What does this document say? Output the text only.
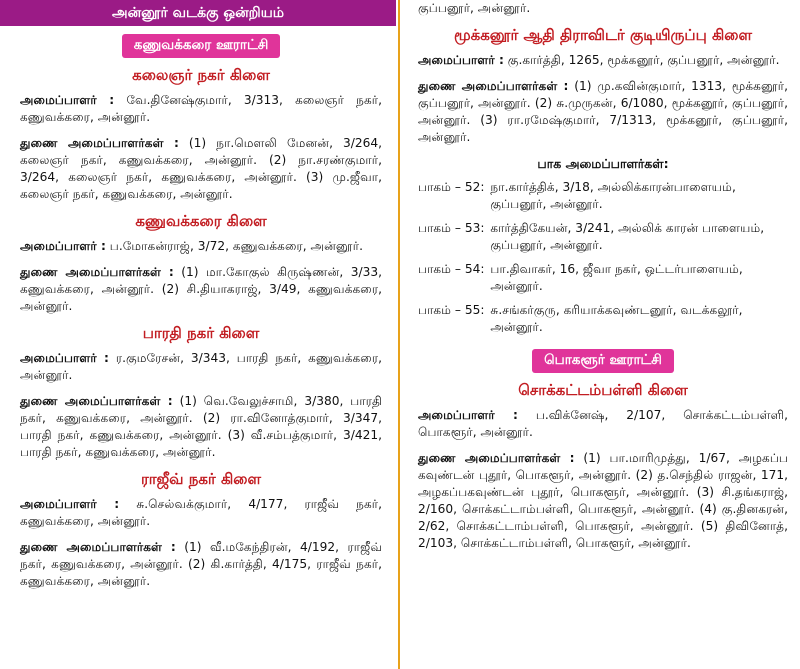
அன்னூர் வடக்கு ஒன்றியம்
கணுவக்கரை ஊராட்சி
கலைஞர் நகர் கிளை

அமைப்பாளர் : வே.தினேஷ்குமார், 3/313, கலைஞர் நகர், கணுவக்கரை, அன்னூர்.

துணை அமைப்பாளர்கள் : (1) நா.மௌலி மேனன், 3/264, கலைஞர் நகர், கணுவக்கரை, அன்னூர். (2) நா.சரண்குமார், 3/264, கலைஞர் நகர், கணுவக்கரை, அன்னூர். (3) மு.ஜீவா, கலைஞர் நகர், கணுவக்கரை, அன்னூர்.

கணுவக்கரை கிளை

அமைப்பாளர் : ப.மோகன்ராஜ், 3/72, கணுவக்கரை, அன்னூர்.

துணை அமைப்பாளர்கள் : (1) மா.கோகுல் கிருஷ்ணன், 3/33, கணுவக்கரை, அன்னூர். (2) சி.தியாகராஜ், 3/49, கணுவக்கரை, அன்னூர்.

பாரதி நகர் கிளை

அமைப்பாளர் : ர.குமரேசன், 3/343, பாரதி நகர், கணுவக்கரை, அன்னூர்.

துணை அமைப்பாளர்கள் : (1) வெ.வேலுச்சாமி, 3/380, பாரதி நகர், கணுவக்கரை, அன்னூர். (2) ரா.வினோத்குமார், 3/347, பாரதி நகர், கணுவக்கரை, அன்னூர். (3) வீ.சம்பத்குமார், 3/421, பாரதி நகர், கணுவக்கரை, அன்னூர்.

ராஜீவ் நகர் கிளை

அமைப்பாளர் : சு.செல்வக்குமார், 4/177, ராஜீவ் நகர், கணுவக்கரை, அன்னூர்.

துணை அமைப்பாளர்கள் : (1) வீ.மகேந்திரன், 4/192, ராஜீவ் நகர், கணுவக்கரை, அன்னூர். (2) கி.கார்த்தி, 4/175, ராஜீவ் நகர், கணுவக்கரை, அன்னூர்.

குப்பனூர், அன்னூர்.
மூக்கனூர் ஆதி திராவிடர் குடியிருப்பு கிளை

அமைப்பாளர் : கு.கார்த்தி, 1265, மூக்கனூர், குப்பனூர், அன்னூர்.

துணை அமைப்பாளர்கள் : (1) மு.கவின்குமார், 1313, மூக்கனூர், குப்பனூர், அன்னூர். (2) சு.முருகன், 6/1080, மூக்கனூர், குப்பனூர், அன்னூர். (3) ரா.ரமேஷ்குமார், 7/1313, மூக்கனூர், குப்பனூர், அன்னூர்.

பாக அமைப்பாளர்கள்:
பாகம் – 52	:	நா.கார்த்திக், 3/18, அல்லிக்காரன்பாளையம், குப்பனூர், அன்னூர்.
பாகம் – 53	:	கார்த்திகேயன், 3/241, அல்லிக் காரன் பாளையம், குப்பனூர், அன்னூர்.
பாகம் – 54	:	பா.திவாகர், 16, ஜீவா நகர், ஒட்டர்பாளையம், அன்னூர்.
பாகம் – 55	:	சு.சங்கர்குரு, கரியாக்கவுண்டனூர், வடக்கலூர், அன்னூர்.
பொகளூர் ஊராட்சி
சொக்கட்டம்பள்ளி கிளை

அமைப்பாளர் : ப.விக்னேஷ், 2/107, சொக்கட்டம்பள்ளி, பொகளூர், அன்னூர்.

துணை அமைப்பாளர்கள் : (1) பா.மாரிமுத்து, 1/67, அழகப்ப கவுண்டன் புதூர், பொகளூர், அன்னூர். (2) த.செந்தில் ராஜன், 171, அழகப்பகவுண்டன் புதூர், பொகளூர், அன்னூர். (3) சி.தங்கராஜ், 2/160, சொக்கட்டாம்பள்ளி, பொகளூர், அன்னூர். (4) கு.தினகரன், 2/62, சொக்கட்டாம்பள்ளி, பொகளூர், அன்னூர். (5) திவினோத், 2/103, சொக்கட்டாம்பள்ளி, பொகளூர், அன்னூர்.
